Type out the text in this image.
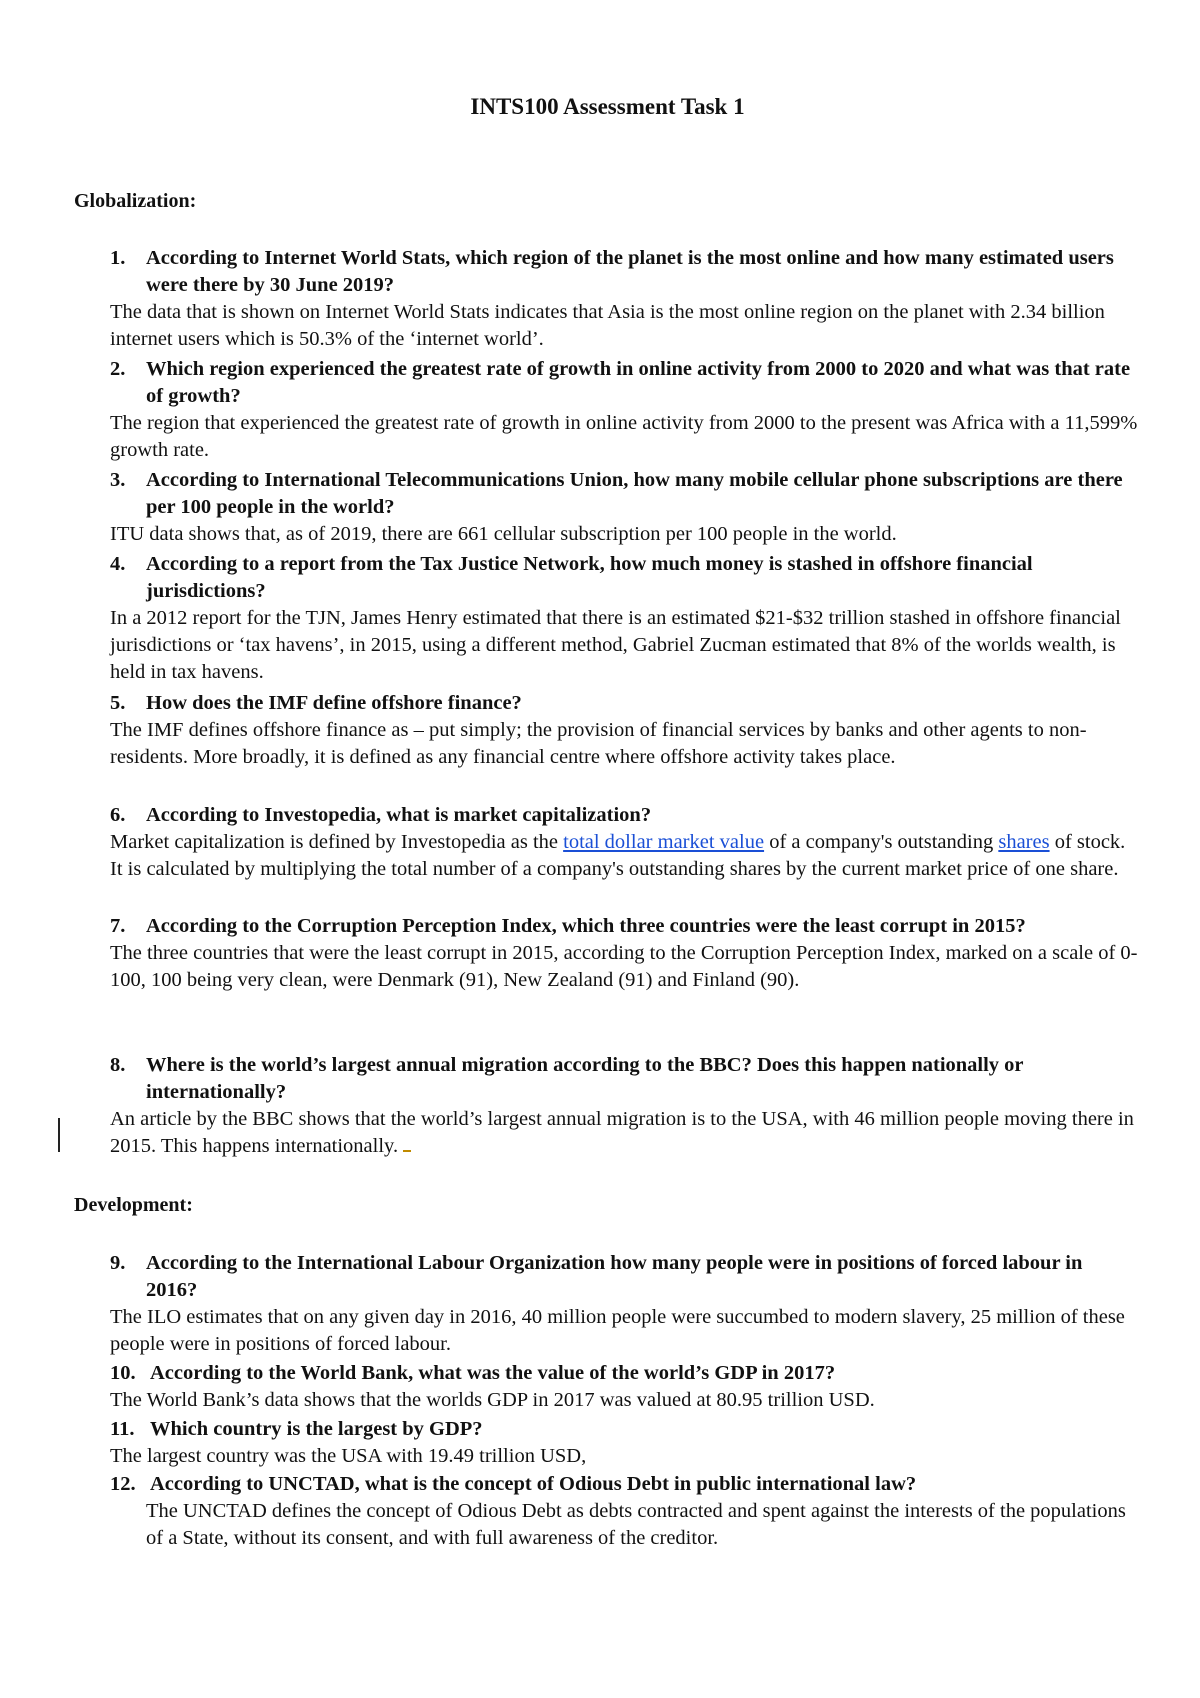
INTS100 Assessment Task 1
Globalization:
1. According to Internet World Stats, which region of the planet is the most online and how many estimated users were there by 30 June 2019?
The data that is shown on Internet World Stats indicates that Asia is the most online region on the planet with 2.34 billion internet users which is 50.3% of the ‘internet world’.
2. Which region experienced the greatest rate of growth in online activity from 2000 to 2020 and what was that rate of growth?
The region that experienced the greatest rate of growth in online activity from 2000 to the present was Africa with a 11,599% growth rate.
3. According to International Telecommunications Union, how many mobile cellular phone subscriptions are there per 100 people in the world?
ITU data shows that, as of 2019, there are 661 cellular subscription per 100 people in the world.
4. According to a report from the Tax Justice Network, how much money is stashed in offshore financial jurisdictions?
In a 2012 report for the TJN, James Henry estimated that there is an estimated $21-$32 trillion stashed in offshore financial jurisdictions or ‘tax havens’, in 2015, using a different method, Gabriel Zucman estimated that 8% of the worlds wealth, is held in tax havens.
5. How does the IMF define offshore finance?
The IMF defines offshore finance as – put simply; the provision of financial services by banks and other agents to non-residents. More broadly, it is defined as any financial centre where offshore activity takes place.
6. According to Investopedia, what is market capitalization?
Market capitalization is defined by Investopedia as the total dollar market value of a company's outstanding shares of stock. It is calculated by multiplying the total number of a company's outstanding shares by the current market price of one share.
7. According to the Corruption Perception Index, which three countries were the least corrupt in 2015?
The three countries that were the least corrupt in 2015, according to the Corruption Perception Index, marked on a scale of 0-100, 100 being very clean, were Denmark (91), New Zealand (91) and Finland (90).
8. Where is the world’s largest annual migration according to the BBC? Does this happen nationally or internationally?
An article by the BBC shows that the world’s largest annual migration is to the USA, with 46 million people moving there in 2015. This happens internationally.
Development:
9. According to the International Labour Organization how many people were in positions of forced labour in 2016?
The ILO estimates that on any given day in 2016, 40 million people were succumbed to modern slavery, 25 million of these people were in positions of forced labour.
10. According to the World Bank, what was the value of the world’s GDP in 2017?
The World Bank’s data shows that the worlds GDP in 2017 was valued at 80.95 trillion USD.
11. Which country is the largest by GDP?
The largest country was the USA with 19.49 trillion USD,
12. According to UNCTAD, what is the concept of Odious Debt in public international law?
The UNCTAD defines the concept of Odious Debt as debts contracted and spent against the interests of the populations of a State, without its consent, and with full awareness of the creditor.
